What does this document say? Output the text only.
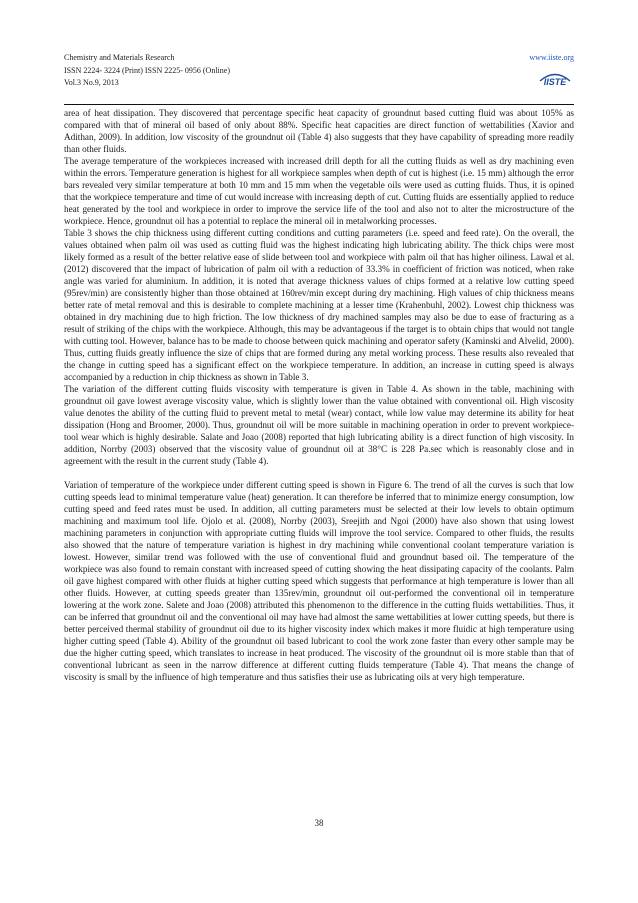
Chemistry and Materials Research
ISSN 2224- 3224 (Print) ISSN 2225- 0956 (Online)
Vol.3 No.9, 2013
www.iiste.org
IISTE

area of heat dissipation. They discovered that percentage specific heat capacity of groundnut based cutting fluid was about 105% as compared with that of mineral oil based of only about 88%. Specific heat capacities are direct function of wettabilities (Xavior and Adithan, 2009). In addition, low viscosity of the groundnut oil (Table 4) also suggests that they have capability of spreading more readily than other fluids.

The average temperature of the workpieces increased with increased drill depth for all the cutting fluids as well as dry machining even within the errors. Temperature generation is highest for all workpiece samples when depth of cut is highest (i.e. 15 mm) although the error bars revealed very similar temperature at both 10 mm and 15 mm when the vegetable oils were used as cutting fluids. Thus, it is opined that the workpiece temperature and time of cut would increase with increasing depth of cut. Cutting fluids are essentially applied to reduce heat generated by the tool and workpiece in order to improve the service life of the tool and also not to alter the microstructure of the workpiece. Hence, groundnut oil has a potential to replace the mineral oil in metalworking processes.

Table 3 shows the chip thickness using different cutting conditions and cutting parameters (i.e. speed and feed rate). On the overall, the values obtained when palm oil was used as cutting fluid was the highest indicating high lubricating ability. The thick chips were most likely formed as a result of the better relative ease of slide between tool and workpiece with palm oil that has higher oiliness. Lawal et al. (2012) discovered that the impact of lubrication of palm oil with a reduction of 33.3% in coefficient of friction was noticed, when rake angle was varied for aluminium. In addition, it is noted that average thickness values of chips formed at a relative low cutting speed (95rev/min) are consistently higher than those obtained at 160rev/min except during dry machining. High values of chip thickness means better rate of metal removal and this is desirable to complete machining at a lesser time (Krahenbuhl, 2002). Lowest chip thickness was obtained in dry machining due to high friction. The low thickness of dry machined samples may also be due to ease of fracturing as a result of striking of the chips with the workpiece. Although, this may be advantageous if the target is to obtain chips that would not tangle with cutting tool. However, balance has to be made to choose between quick machining and operator safety (Kaminski and Alvelid, 2000). Thus, cutting fluids greatly influence the size of chips that are formed during any metal working process. These results also revealed that the change in cutting speed has a significant effect on the workpiece temperature. In addition, an increase in cutting speed is always accompanied by a reduction in chip thickness as shown in Table 3.

The variation of the different cutting fluids viscosity with temperature is given in Table 4. As shown in the table, machining with groundnut oil gave lowest average viscosity value, which is slightly lower than the value obtained with conventional oil. High viscosity value denotes the ability of the cutting fluid to prevent metal to metal (wear) contact, while low value may determine its ability for heat dissipation (Hong and Broomer, 2000). Thus, groundnut oil will be more suitable in machining operation in order to prevent workpiece-tool wear which is highly desirable. Salate and Joao (2008) reported that high lubricating ability is a direct function of high viscosity. In addition, Norrby (2003) observed that the viscosity value of groundnut oil at 38°C is 228 Pa.sec which is reasonably close and in agreement with the result in the current study (Table 4).

Variation of temperature of the workpiece under different cutting speed is shown in Figure 6. The trend of all the curves is such that low cutting speeds lead to minimal temperature value (heat) generation. It can therefore be inferred that to minimize energy consumption, low cutting speed and feed rates must be used. In addition, all cutting parameters must be selected at their low levels to obtain optimum machining and maximum tool life. Ojolo et al. (2008), Norrby (2003), Sreejith and Ngoi (2000) have also shown that using lowest machining parameters in conjunction with appropriate cutting fluids will improve the tool service. Compared to other fluids, the results also showed that the nature of temperature variation is highest in dry machining while conventional coolant temperature variation is lowest. However, similar trend was followed with the use of conventional fluid and groundnut based oil. The temperature of the workpiece was also found to remain constant with increased speed of cutting showing the heat dissipating capacity of the coolants. Palm oil gave highest compared with other fluids at higher cutting speed which suggests that performance at high temperature is lower than all other fluids. However, at cutting speeds greater than 135rev/min, groundnut oil out-performed the conventional oil in temperature lowering at the work zone. Salete and Joao (2008) attributed this phenomenon to the difference in the cutting fluids wettabilities. Thus, it can be inferred that groundnut oil and the conventional oil may have had almost the same wettabilities at lower cutting speeds, but there is better perceived thermal stability of groundnut oil due to its higher viscosity index which makes it more fluidic at high temperature using higher cutting speed (Table 4). Ability of the groundnut oil based lubricant to cool the work zone faster than every other sample may be due the higher cutting speed, which translates to increase in heat produced. The viscosity of the groundnut oil is more stable than that of conventional lubricant as seen in the narrow difference at different cutting fluids temperature (Table 4). That means the change of viscosity is small by the influence of high temperature and thus satisfies their use as lubricating oils at very high temperature.

38
